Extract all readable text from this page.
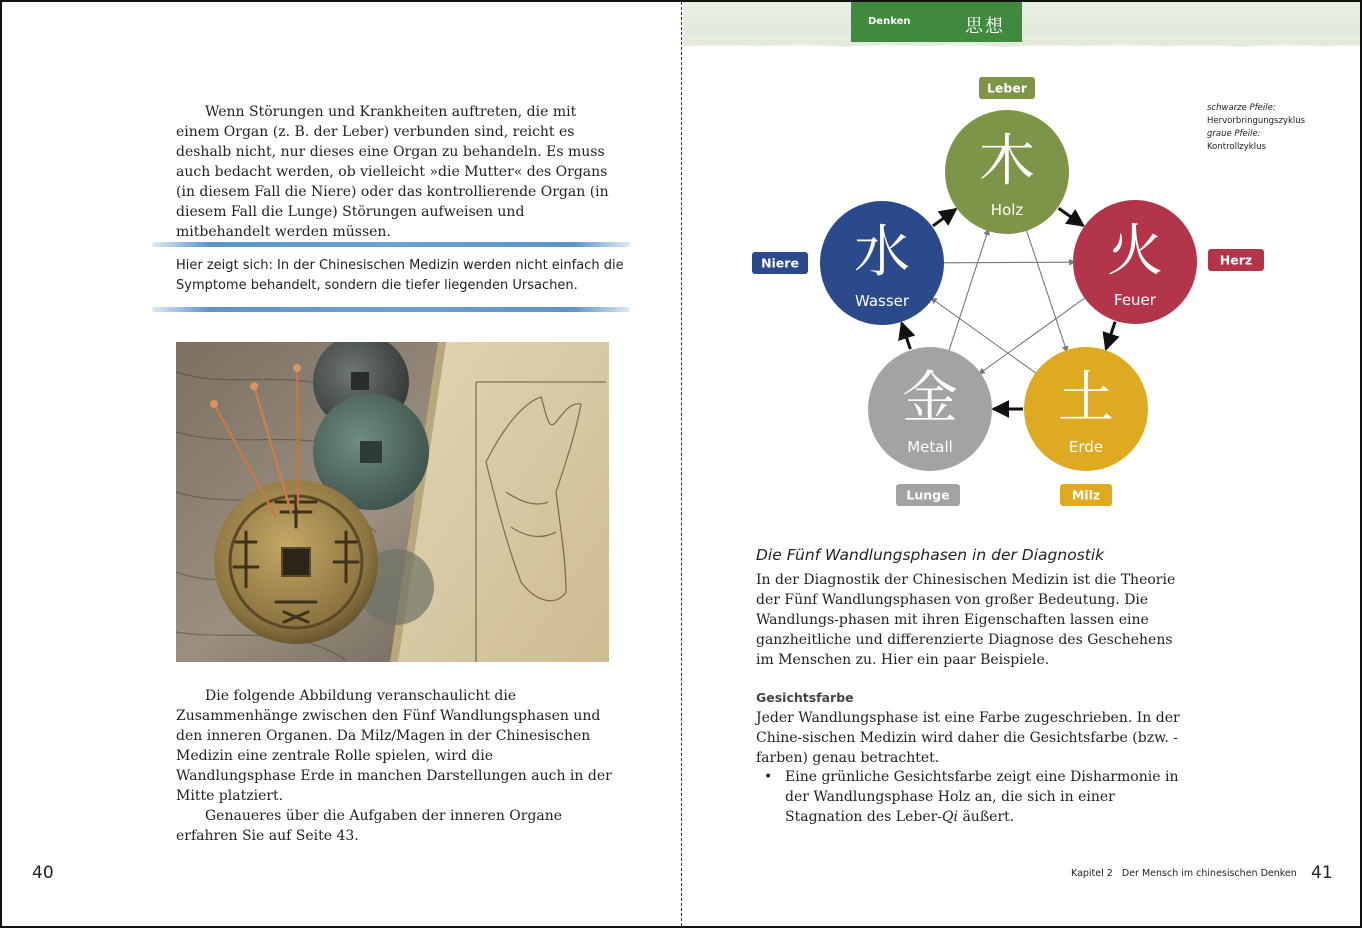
Wenn Störungen und Krankheiten auftreten, die mit einem Organ (z. B. der Leber) verbunden sind, reicht es deshalb nicht, nur dieses eine Organ zu behandeln. Es muss auch bedacht werden, ob vielleicht »die Mutter« des Organs (in diesem Fall die Niere) oder das kontrollierende Organ (in diesem Fall die Lunge) Störungen aufweisen und mitbehandelt werden müssen.

Hier zeigt sich: In der Chinesischen Medizin werden nicht einfach die Symptome behandelt, sondern die tiefer liegenden Ursachen.

Die folgende Abbildung veranschaulicht die Zusammenhänge zwischen den Fünf Wandlungsphasen und den inneren Organen. Da Milz/Magen in der Chinesischen Medizin eine zentrale Rolle spielen, wird die Wandlungsphase Erde in manchen Darstellungen auch in der Mitte platziert.

Genaueres über die Aufgaben der inneren Organe erfahren Sie auf Seite 43.

40
Denken	思想
木
Holz
Leber
火
Feuer
Herz
土
Erde
Milz
金
Metall
Lunge
水
Wasser
Niere
schwarze Pfeile:
Hervorbringungszyklus
graue Pfeile:
Kontrollzyklus
Die Fünf Wandlungsphasen in der Diagnostik

In der Diagnostik der Chinesischen Medizin ist die Theorie der Fünf Wandlungsphasen von großer Bedeutung. Die Wandlungs-phasen mit ihren Eigenschaften lassen eine ganzheitliche und differenzierte Diagnose des Geschehens im Menschen zu. Hier ein paar Beispiele.

Gesichtsfarbe

Jeder Wandlungsphase ist eine Farbe zugeschrieben. In der Chine-sischen Medizin wird daher die Gesichtsfarbe (bzw. -farben) genau betrachtet.

• Eine grünliche Gesichtsfarbe zeigt eine Disharmonie in der Wandlungsphase Holz an, die sich in einer Stagnation des Leber-Qi äußert.
Kapitel 2 Der Mensch im chinesischen Denken 41
